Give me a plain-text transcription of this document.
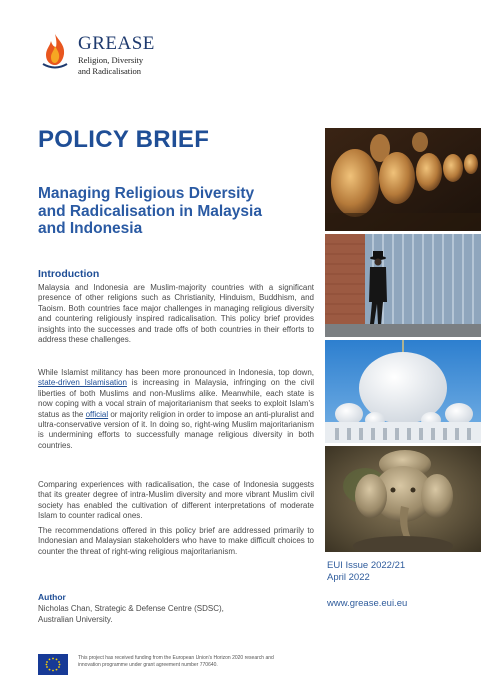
GREASE
Religion, Diversity
and Radicalisation
POLICY BRIEF
Managing Religious Diversity
and Radicalisation in Malaysia
and Indonesia
Introduction

Malaysia and Indonesia are Muslim-majority countries with a significant presence of other religions such as Christianity, Hinduism, Buddhism, and Taoism. Both countries face major challenges in managing religious diversity and countering religiously inspired radicalisation. This policy brief provides insights into the successes and trade offs of both countries in their efforts to address these challenges.

While Islamist militancy has been more pronounced in Indonesia, top down, state-driven Islamisation is increasing in Malaysia, infringing on the civil liberties of both Muslims and non-Muslims alike. Meanwhile, each state is now coping with a vocal strain of majoritarianism that seeks to exploit Islam's status as the official or majority religion in order to impose an anti-pluralist and ultra-conservative version of it. In doing so, right-wing Muslim majoritarianism is undermining efforts to successfully manage religious diversity in both countries.

Comparing experiences with radicalisation, the case of Indonesia suggests that its greater degree of intra-Muslim diversity and more vibrant Muslim civil society has enabled the cultivation of different interpretations of moderate Islam to counter radical ones.

The recommendations offered in this policy brief are addressed primarily to Indonesian and Malaysian stakeholders who have to make difficult choices to counter the threat of right-wing religious majoritarianism.

Author
Nicholas Chan, Strategic & Defense Centre (SDSC),
Australian University.
This project has received funding from the European Union's Horizon 2020 research and innovation programme under grant agreement number 770640.
EUI Issue 2022/21
April 2022
www.grease.eui.eu
